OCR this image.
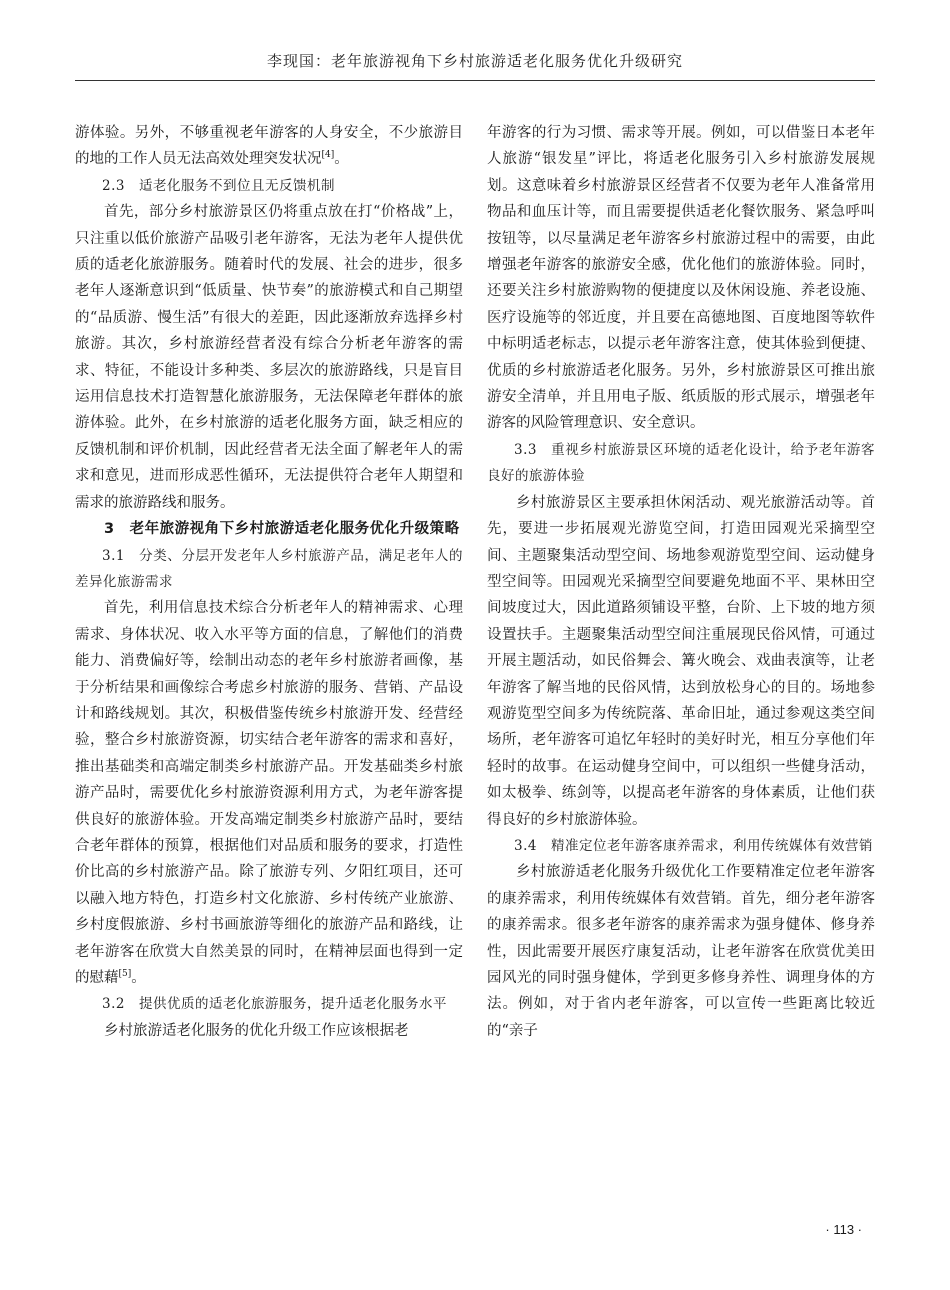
李现国：老年旅游视角下乡村旅游适老化服务优化升级研究

游体验。另外，不够重视老年游客的人身安全，不少旅游目的地的工作人员无法高效处理突发状况[4]。

2.3　适老化服务不到位且无反馈机制

首先，部分乡村旅游景区仍将重点放在打“价格战”上，只注重以低价旅游产品吸引老年游客，无法为老年人提供优质的适老化旅游服务。随着时代的发展、社会的进步，很多老年人逐渐意识到“低质量、快节奏”的旅游模式和自己期望的“品质游、慢生活”有很大的差距，因此逐渐放弃选择乡村旅游。其次，乡村旅游经营者没有综合分析老年游客的需求、特征，不能设计多种类、多层次的旅游路线，只是盲目运用信息技术打造智慧化旅游服务，无法保障老年群体的旅游体验。此外，在乡村旅游的适老化服务方面，缺乏相应的反馈机制和评价机制，因此经营者无法全面了解老年人的需求和意见，进而形成恶性循环，无法提供符合老年人期望和需求的旅游路线和服务。

3　老年旅游视角下乡村旅游适老化服务优化升级策略

3.1　分类、分层开发老年人乡村旅游产品，满足老年人的差异化旅游需求

首先，利用信息技术综合分析老年人的精神需求、心理需求、身体状况、收入水平等方面的信息，了解他们的消费能力、消费偏好等，绘制出动态的老年乡村旅游者画像，基于分析结果和画像综合考虑乡村旅游的服务、营销、产品设计和路线规划。其次，积极借鉴传统乡村旅游开发、经营经验，整合乡村旅游资源，切实结合老年游客的需求和喜好，推出基础类和高端定制类乡村旅游产品。开发基础类乡村旅游产品时，需要优化乡村旅游资源利用方式，为老年游客提供良好的旅游体验。开发高端定制类乡村旅游产品时，要结合老年群体的预算，根据他们对品质和服务的要求，打造性价比高的乡村旅游产品。除了旅游专列、夕阳红项目，还可以融入地方特色，打造乡村文化旅游、乡村传统产业旅游、乡村度假旅游、乡村书画旅游等细化的旅游产品和路线，让老年游客在欣赏大自然美景的同时，在精神层面也得到一定的慰藉[5]。

3.2　提供优质的适老化旅游服务，提升适老化服务水平

乡村旅游适老化服务的优化升级工作应该根据老

年游客的行为习惯、需求等开展。例如，可以借鉴日本老年人旅游“银发星”评比，将适老化服务引入乡村旅游发展规划。这意味着乡村旅游景区经营者不仅要为老年人准备常用物品和血压计等，而且需要提供适老化餐饮服务、紧急呼叫按钮等，以尽量满足老年游客乡村旅游过程中的需要，由此增强老年游客的旅游安全感，优化他们的旅游体验。同时，还要关注乡村旅游购物的便捷度以及休闲设施、养老设施、医疗设施等的邻近度，并且要在高德地图、百度地图等软件中标明适老标志，以提示老年游客注意，使其体验到便捷、优质的乡村旅游适老化服务。另外，乡村旅游景区可推出旅游安全清单，并且用电子版、纸质版的形式展示，增强老年游客的风险管理意识、安全意识。

3.3　重视乡村旅游景区环境的适老化设计，给予老年游客良好的旅游体验

乡村旅游景区主要承担休闲活动、观光旅游活动等。首先，要进一步拓展观光游览空间，打造田园观光采摘型空间、主题聚集活动型空间、场地参观游览型空间、运动健身型空间等。田园观光采摘型空间要避免地面不平、果林田空间坡度过大，因此道路须铺设平整，台阶、上下坡的地方须设置扶手。主题聚集活动型空间注重展现民俗风情，可通过开展主题活动，如民俗舞会、篝火晚会、戏曲表演等，让老年游客了解当地的民俗风情，达到放松身心的目的。场地参观游览型空间多为传统院落、革命旧址，通过参观这类空间场所，老年游客可追忆年轻时的美好时光，相互分享他们年轻时的故事。在运动健身空间中，可以组织一些健身活动，如太极拳、练剑等，以提高老年游客的身体素质，让他们获得良好的乡村旅游体验。

3.4　精准定位老年游客康养需求，利用传统媒体有效营销

乡村旅游适老化服务升级优化工作要精准定位老年游客的康养需求，利用传统媒体有效营销。首先，细分老年游客的康养需求。很多老年游客的康养需求为强身健体、修身养性，因此需要开展医疗康复活动，让老年游客在欣赏优美田园风光的同时强身健体，学到更多修身养性、调理身体的方法。例如，对于省内老年游客，可以宣传一些距离比较近的“亲子

· 113 ·
